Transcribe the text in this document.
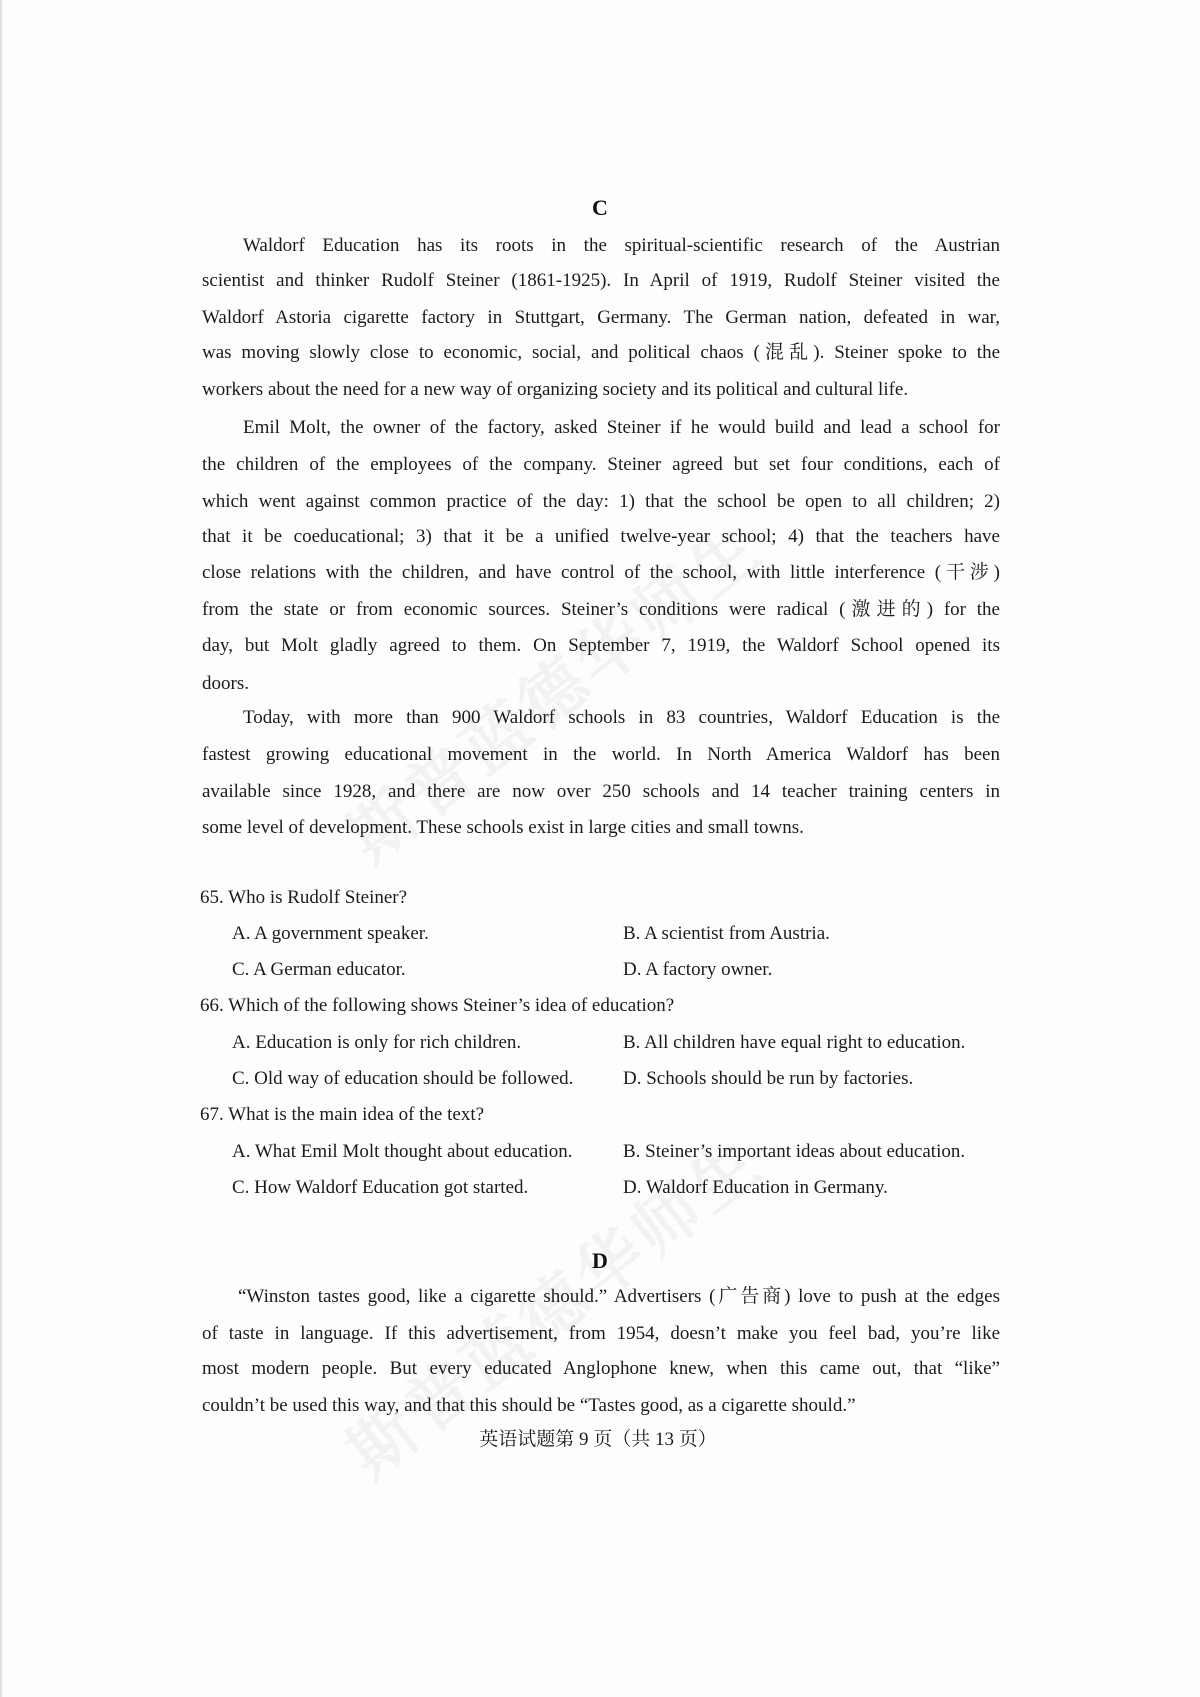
C
Waldorf Education has its roots in the spiritual-scientific research of the Austrian
scientist and thinker Rudolf Steiner (1861-1925). In April of 1919, Rudolf Steiner visited the
Waldorf Astoria cigarette factory in Stuttgart, Germany. The German nation, defeated in war,
was moving slowly close to economic, social, and political chaos (混乱). Steiner spoke to the
workers about the need for a new way of organizing society and its political and cultural life.
Emil Molt, the owner of the factory, asked Steiner if he would build and lead a school for
the children of the employees of the company. Steiner agreed but set four conditions, each of
which went against common practice of the day: 1) that the school be open to all children; 2)
that it be coeducational; 3) that it be a unified twelve-year school; 4) that the teachers have
close relations with the children, and have control of the school, with little interference (干涉)
from the state or from economic sources. Steiner’s conditions were radical (激进的) for the
day, but Molt gladly agreed to them. On September 7, 1919, the Waldorf School opened its
doors.
Today, with more than 900 Waldorf schools in 83 countries, Waldorf Education is the
fastest growing educational movement in the world. In North America Waldorf has been
available since 1928, and there are now over 250 schools and 14 teacher training centers in
some level of development. These schools exist in large cities and small towns.
65. Who is Rudolf Steiner?
A. A government speaker.	B. A scientist from Austria.
C. A German educator.	D. A factory owner.
66. Which of the following shows Steiner’s idea of education?
A. Education is only for rich children.	B. All children have equal right to education.
C. Old way of education should be followed.	D. Schools should be run by factories.
67. What is the main idea of the text?
A. What Emil Molt thought about education.	B. Steiner’s important ideas about education.
C. How Waldorf Education got started.	D. Waldorf Education in Germany.
D
“Winston tastes good, like a cigarette should.” Advertisers (广告商) love to push at the edges
of taste in language. If this advertisement, from 1954, doesn’t make you feel bad, you’re like
most modern people. But every educated Anglophone knew, when this came out, that “like”
couldn’t be used this way, and that this should be “Tastes good, as a cigarette should.”
英语试题第 9 页（共 13 页）
